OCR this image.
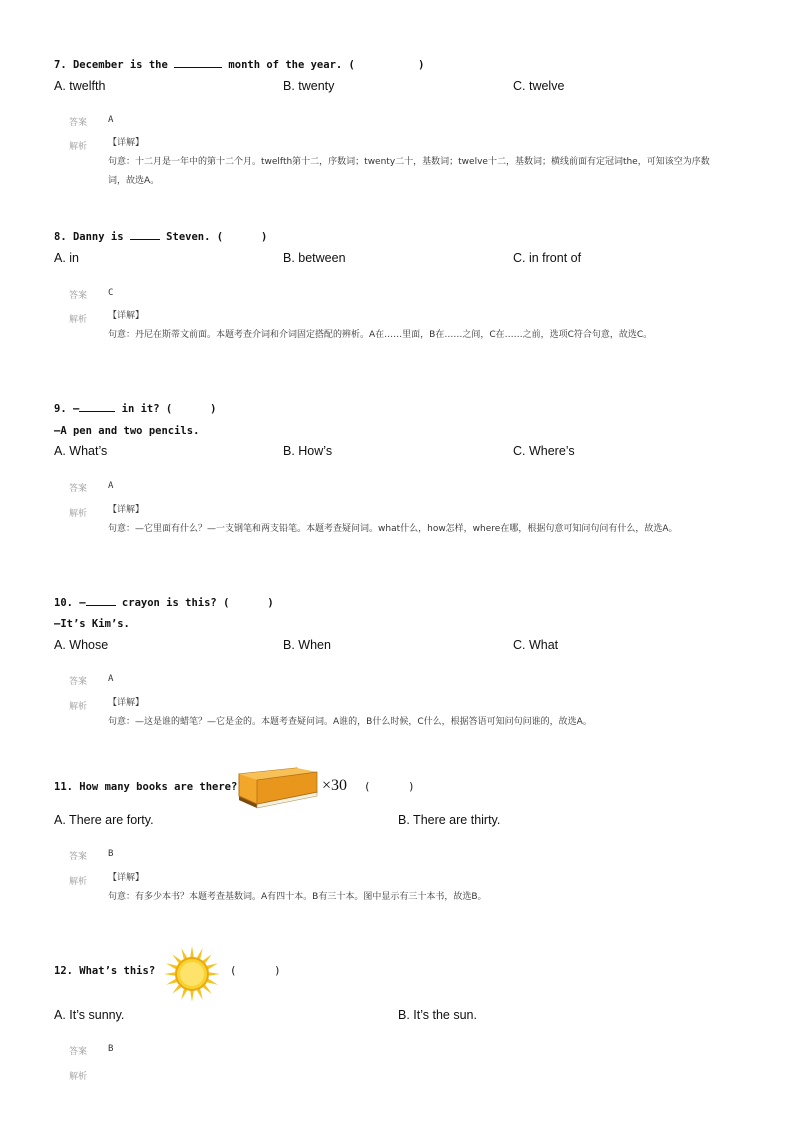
7. December is the	month of the year. (          )
A. twelfth	B. twenty	C. twelve
答案 A
解析 【详解】
句意：十二月是一年中的第十二个月。twelfth第十二，序数词；twenty二十，基数词；twelve十二，基数词；横线前面有定冠词the，可知该空为序数词，故选A。
8. Danny is	Steven. (      )
A. in	B. between	C. in front of
答案 C
解析 【详解】
句意：丹尼在斯蒂文前面。本题考查介词和介词固定搭配的辨析。A在……里面，B在……之间，C在……之前，选项C符合句意，故选C。
9. —	in it? (      )
—A pen and two pencils.
A. What’s	B. How’s	C. Where’s
答案 A
解析 【详解】
句意：—它里面有什么？—一支钢笔和两支铅笔。本题考查疑问词。what什么，how怎样，where在哪，根据句意可知问句问有什么，故选A。
10. —	crayon is this? (      )
—It’s Kim’s.
A. Whose	B. When	C. What
答案 A
解析 【详解】
句意：—这是谁的蜡笔？—它是金的。本题考查疑问词。A谁的，B什么时候，C什么，根据答语可知问句问谁的，故选A。
11. How many books are there?	×30 (      )
A. There are forty.	B. There are thirty.
答案 B
解析 【详解】
句意：有多少本书？本题考查基数词。A有四十本。B有三十本。图中显示有三十本书，故选B。
12. What’s this?	(      )
A. It’s sunny.	B. It’s the sun.
答案 B
解析
